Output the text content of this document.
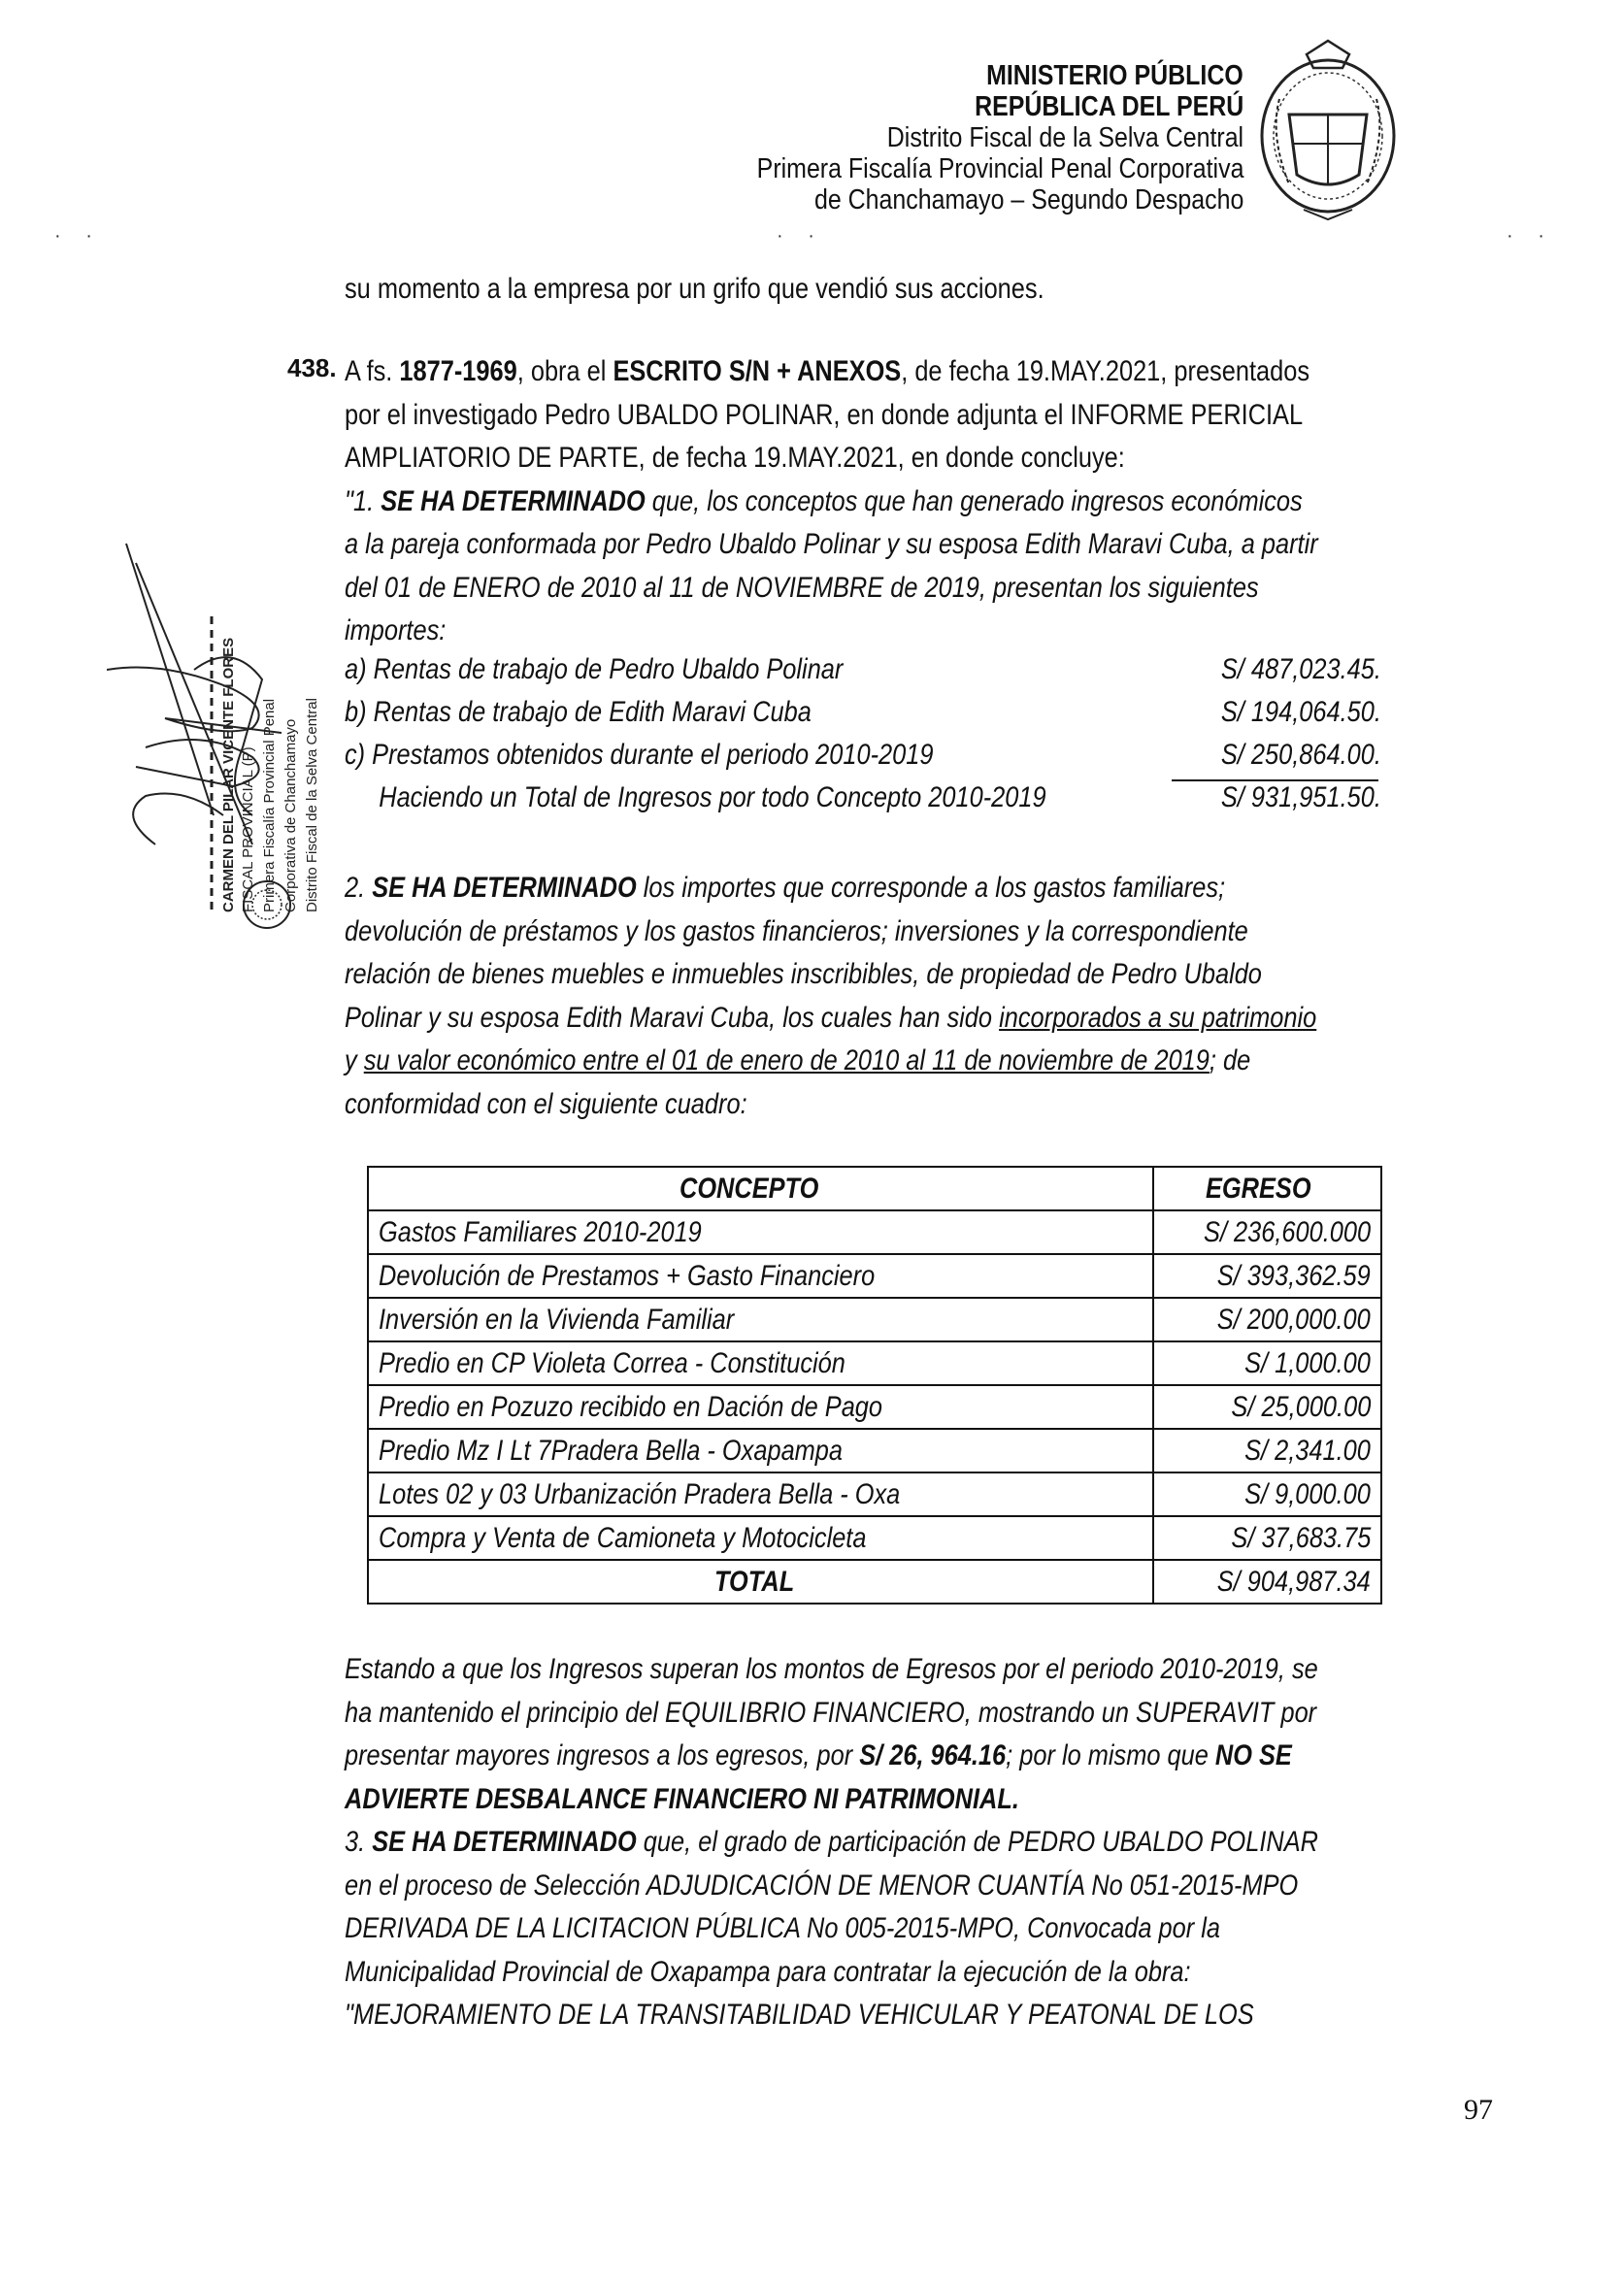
MINISTERIO PÚBLICO
REPÚBLICA DEL PERÚ
Distrito Fiscal de la Selva Central
Primera Fiscalía Provincial Penal Corporativa
de Chanchamayo – Segundo Despacho
· ·	· ·	· ·
su momento a la empresa por un grifo que vendió sus acciones.
438. A fs. 1877-1969, obra el ESCRITO S/N + ANEXOS, de fecha 19.MAY.2021, presentados
por el investigado Pedro UBALDO POLINAR, en donde adjunta el INFORME PERICIAL
AMPLIATORIO DE PARTE, de fecha 19.MAY.2021, en donde concluye:
"1. SE HA DETERMINADO que, los conceptos que han generado ingresos económicos
a la pareja conformada por Pedro Ubaldo Polinar y su esposa Edith Maravi Cuba, a partir
del 01 de ENERO de 2010 al 11 de NOVIEMBRE de 2019, presentan los siguientes
importes:
a) Rentas de trabajo de Pedro Ubaldo Polinar	S/ 487,023.45.
b) Rentas de trabajo de Edith Maravi Cuba	S/ 194,064.50.
c) Prestamos obtenidos durante el periodo 2010-2019	S/ 250,864.00.
Haciendo un Total de Ingresos por todo Concepto 2010-2019	S/ 931,951.50.
2. SE HA DETERMINADO los importes que corresponde a los gastos familiares;
devolución de préstamos y los gastos financieros; inversiones y la correspondiente
relación de bienes muebles e inmuebles inscribibles, de propiedad de Pedro Ubaldo
Polinar y su esposa Edith Maravi Cuba, los cuales han sido incorporados a su patrimonio
y su valor económico entre el 01 de enero de 2010 al 11 de noviembre de 2019; de
conformidad con el siguiente cuadro:
CONCEPTO	EGRESO
Gastos Familiares 2010-2019	S/ 236,600.000
Devolución de Prestamos + Gasto Financiero	S/ 393,362.59
Inversión en la Vivienda Familiar	S/ 200,000.00
Predio en CP Violeta Correa - Constitución	S/ 1,000.00
Predio en Pozuzo recibido en Dación de Pago	S/ 25,000.00
Predio Mz I Lt 7Pradera Bella - Oxapampa	S/ 2,341.00
Lotes 02 y 03 Urbanización Pradera Bella - Oxa	S/ 9,000.00
Compra y Venta de Camioneta y Motocicleta	S/ 37,683.75
TOTAL	S/ 904,987.34
Estando a que los Ingresos superan los montos de Egresos por el periodo 2010-2019, se
ha mantenido el principio del EQUILIBRIO FINANCIERO, mostrando un SUPERAVIT por
presentar mayores ingresos a los egresos, por S/ 26, 964.16; por lo mismo que NO SE
ADVIERTE DESBALANCE FINANCIERO NI PATRIMONIAL.
3. SE HA DETERMINADO que, el grado de participación de PEDRO UBALDO POLINAR
en el proceso de Selección ADJUDICACIÓN DE MENOR CUANTÍA No 051-2015-MPO
DERIVADA DE LA LICITACION PÚBLICA No 005-2015-MPO, Convocada por la
Municipalidad Provincial de Oxapampa para contratar la ejecución de la obra:
"MEJORAMIENTO DE LA TRANSITABILIDAD VEHICULAR Y PEATONAL DE LOS
CARMEN DEL PILAR VICENTE FLORES FISCAL PROVINCIAL (P) Primera Fiscalía Provincial Penal Corporativa de Chanchamayo Distrito Fiscal de la Selva Central
97
